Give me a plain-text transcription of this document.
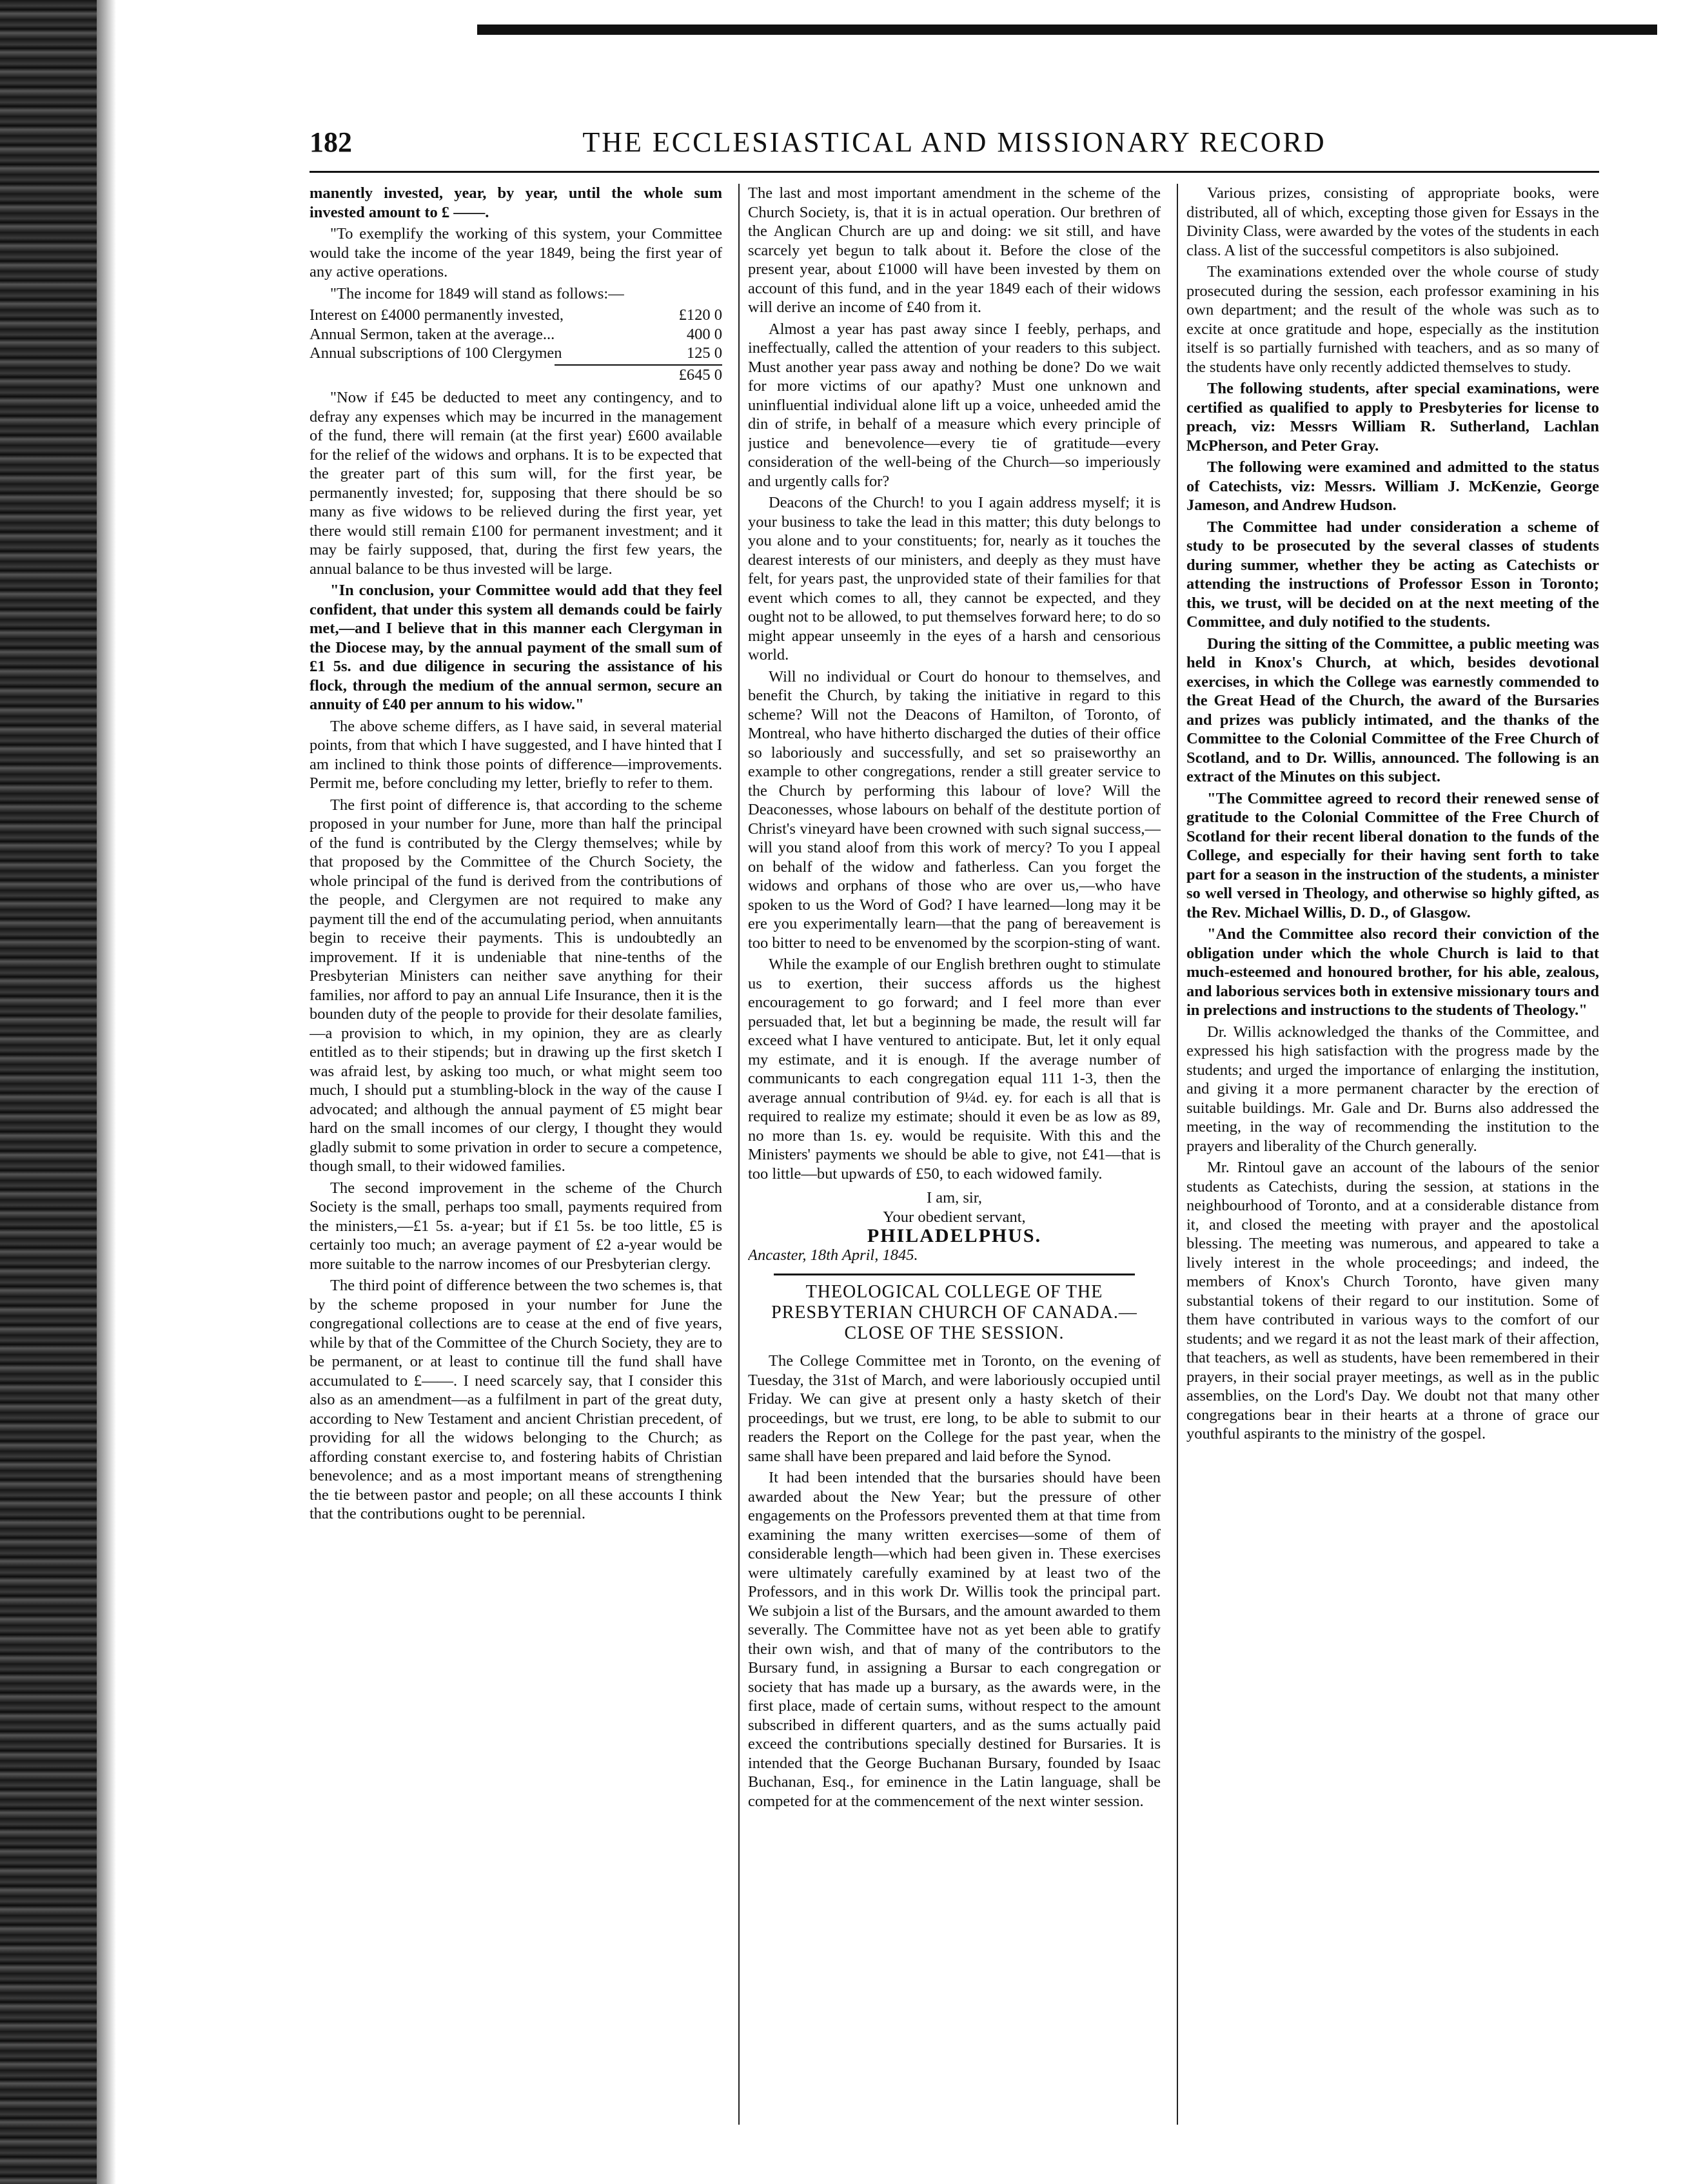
182	THE ECCLESIASTICAL AND MISSIONARY RECORD

manently invested, year, by year, until the whole sum invested amount to £ ——.

"To exemplify the working of this system, your Committee would take the income of the year 1849, being the first year of any active operations.

"The income for 1849 will stand as follows:—

Interest on £4000 permanently invested,	£120 0
Annual Sermon, taken at the average...	400 0
Annual subscriptions of 100 Clergymen	125 0
£645 0

"Now if £45 be deducted to meet any contingency, and to defray any expenses which may be incurred in the management of the fund, there will remain (at the first year) £600 available for the relief of the widows and orphans. It is to be expected that the greater part of this sum will, for the first year, be permanently invested; for, supposing that there should be so many as five widows to be relieved during the first year, yet there would still remain £100 for permanent investment; and it may be fairly supposed, that, during the first few years, the annual balance to be thus invested will be large.

"In conclusion, your Committee would add that they feel confident, that under this system all demands could be fairly met,—and I believe that in this manner each Clergyman in the Diocese may, by the annual payment of the small sum of £1 5s. and due diligence in securing the assistance of his flock, through the medium of the annual sermon, secure an annuity of £40 per annum to his widow."

The above scheme differs, as I have said, in several material points, from that which I have suggested, and I have hinted that I am inclined to think those points of difference—improvements. Permit me, before concluding my letter, briefly to refer to them.

The first point of difference is, that according to the scheme proposed in your number for June, more than half the principal of the fund is contributed by the Clergy themselves; while by that proposed by the Committee of the Church Society, the whole principal of the fund is derived from the contributions of the people, and Clergymen are not required to make any payment till the end of the accumulating period, when annuitants begin to receive their payments. This is undoubtedly an improvement. If it is undeniable that nine-tenths of the Presbyterian Ministers can neither save anything for their families, nor afford to pay an annual Life Insurance, then it is the bounden duty of the people to provide for their desolate families,—a provision to which, in my opinion, they are as clearly entitled as to their stipends; but in drawing up the first sketch I was afraid lest, by asking too much, or what might seem too much, I should put a stumbling-block in the way of the cause I advocated; and although the annual payment of £5 might bear hard on the small incomes of our clergy, I thought they would gladly submit to some privation in order to secure a competence, though small, to their widowed families.

The second improvement in the scheme of the Church Society is the small, perhaps too small, payments required from the ministers,—£1 5s. a-year; but if £1 5s. be too little, £5 is certainly too much; an average payment of £2 a-year would be more suitable to the narrow incomes of our Presbyterian clergy.

The third point of difference between the two schemes is, that by the scheme proposed in your number for June the congregational collections are to cease at the end of five years, while by that of the Committee of the Church Society, they are to be permanent, or at least to continue till the fund shall have accumulated to £——. I need scarcely say, that I consider this also as an amendment—as a fulfilment in part of the great duty, according to New Testament and ancient Christian precedent, of providing for all the widows belonging to the Church; as affording constant exercise to, and fostering habits of Christian benevolence; and as a most important means of strengthening the tie between pastor and people; on all these accounts I think that the contributions ought to be perennial.

The last and most important amendment in the scheme of the Church Society, is, that it is in actual operation. Our brethren of the Anglican Church are up and doing: we sit still, and have scarcely yet begun to talk about it. Before the close of the present year, about £1000 will have been invested by them on account of this fund, and in the year 1849 each of their widows will derive an income of £40 from it.

Almost a year has past away since I feebly, perhaps, and ineffectually, called the attention of your readers to this subject. Must another year pass away and nothing be done? Do we wait for more victims of our apathy? Must one unknown and uninfluential individual alone lift up a voice, unheeded amid the din of strife, in behalf of a measure which every principle of justice and benevolence—every tie of gratitude—every consideration of the well-being of the Church—so imperiously and urgently calls for?

Deacons of the Church! to you I again address myself; it is your business to take the lead in this matter; this duty belongs to you alone and to your constituents; for, nearly as it touches the dearest interests of our ministers, and deeply as they must have felt, for years past, the unprovided state of their families for that event which comes to all, they cannot be expected, and they ought not to be allowed, to put themselves forward here; to do so might appear unseemly in the eyes of a harsh and censorious world.

Will no individual or Court do honour to themselves, and benefit the Church, by taking the initiative in regard to this scheme? Will not the Deacons of Hamilton, of Toronto, of Montreal, who have hitherto discharged the duties of their office so laboriously and successfully, and set so praiseworthy an example to other congregations, render a still greater service to the Church by performing this labour of love? Will the Deaconesses, whose labours on behalf of the destitute portion of Christ's vineyard have been crowned with such signal success,—will you stand aloof from this work of mercy? To you I appeal on behalf of the widow and fatherless. Can you forget the widows and orphans of those who are over us,—who have spoken to us the Word of God? I have learned—long may it be ere you experimentally learn—that the pang of bereavement is too bitter to need to be envenomed by the scorpion-sting of want.

While the example of our English brethren ought to stimulate us to exertion, their success affords us the highest encouragement to go forward; and I feel more than ever persuaded that, let but a beginning be made, the result will far exceed what I have ventured to anticipate. But, let it only equal my estimate, and it is enough. If the average number of communicants to each congregation equal 111 1-3, then the average annual contribution of 9¼d. ey. for each is all that is required to realize my estimate; should it even be as low as 89, no more than 1s. ey. would be requisite. With this and the Ministers' payments we should be able to give, not £41—that is too little—but upwards of £50, to each widowed family.

I am, sir,
Your obedient servant,
PHILADELPHUS.
Ancaster, 18th April, 1845.
THEOLOGICAL COLLEGE OF THE PRESBYTERIAN CHURCH OF CANADA.—CLOSE OF THE SESSION.

The College Committee met in Toronto, on the evening of Tuesday, the 31st of March, and were laboriously occupied until Friday. We can give at present only a hasty sketch of their proceedings, but we trust, ere long, to be able to submit to our readers the Report on the College for the past year, when the same shall have been prepared and laid before the Synod.

It had been intended that the bursaries should have been awarded about the New Year; but the pressure of other engagements on the Professors prevented them at that time from examining the many written exercises—some of them of considerable length—which had been given in. These exercises were ultimately carefully examined by at least two of the Professors, and in this work Dr. Willis took the principal part. We subjoin a list of the Bursars, and the amount awarded to them severally. The Committee have not as yet been able to gratify their own wish, and that of many of the contributors to the Bursary fund, in assigning a Bursar to each congregation or society that has made up a bursary, as the awards were, in the first place, made of certain sums, without respect to the amount subscribed in different quarters, and as the sums actually paid exceed the contributions specially destined for Bursaries. It is intended that the George Buchanan Bursary, founded by Isaac Buchanan, Esq., for eminence in the Latin language, shall be competed for at the commencement of the next winter session.

Various prizes, consisting of appropriate books, were distributed, all of which, excepting those given for Essays in the Divinity Class, were awarded by the votes of the students in each class. A list of the successful competitors is also subjoined.

The examinations extended over the whole course of study prosecuted during the session, each professor examining in his own department; and the result of the whole was such as to excite at once gratitude and hope, especially as the institution itself is so partially furnished with teachers, and as so many of the students have only recently addicted themselves to study.

The following students, after special examinations, were certified as qualified to apply to Presbyteries for license to preach, viz: Messrs William R. Sutherland, Lachlan McPherson, and Peter Gray.

The following were examined and admitted to the status of Catechists, viz: Messrs. William J. McKenzie, George Jameson, and Andrew Hudson.

The Committee had under consideration a scheme of study to be prosecuted by the several classes of students during summer, whether they be acting as Catechists or attending the instructions of Professor Esson in Toronto; this, we trust, will be decided on at the next meeting of the Committee, and duly notified to the students.

During the sitting of the Committee, a public meeting was held in Knox's Church, at which, besides devotional exercises, in which the College was earnestly commended to the Great Head of the Church, the award of the Bursaries and prizes was publicly intimated, and the thanks of the Committee to the Colonial Committee of the Free Church of Scotland, and to Dr. Willis, announced. The following is an extract of the Minutes on this subject.

"The Committee agreed to record their renewed sense of gratitude to the Colonial Committee of the Free Church of Scotland for their recent liberal donation to the funds of the College, and especially for their having sent forth to take part for a season in the instruction of the students, a minister so well versed in Theology, and otherwise so highly gifted, as the Rev. Michael Willis, D. D., of Glasgow.

"And the Committee also record their conviction of the obligation under which the whole Church is laid to that much-esteemed and honoured brother, for his able, zealous, and laborious services both in extensive missionary tours and in prelections and instructions to the students of Theology."

Dr. Willis acknowledged the thanks of the Committee, and expressed his high satisfaction with the progress made by the students; and urged the importance of enlarging the institution, and giving it a more permanent character by the erection of suitable buildings. Mr. Gale and Dr. Burns also addressed the meeting, in the way of recommending the institution to the prayers and liberality of the Church generally.

Mr. Rintoul gave an account of the labours of the senior students as Catechists, during the session, at stations in the neighbourhood of Toronto, and at a considerable distance from it, and closed the meeting with prayer and the apostolical blessing. The meeting was numerous, and appeared to take a lively interest in the whole proceedings; and indeed, the members of Knox's Church Toronto, have given many substantial tokens of their regard to our institution. Some of them have contributed in various ways to the comfort of our students; and we regard it as not the least mark of their affection, that teachers, as well as students, have been remembered in their prayers, in their social prayer meetings, as well as in the public assemblies, on the Lord's Day. We doubt not that many other congregations bear in their hearts at a throne of grace our youthful aspirants to the ministry of the gospel.
